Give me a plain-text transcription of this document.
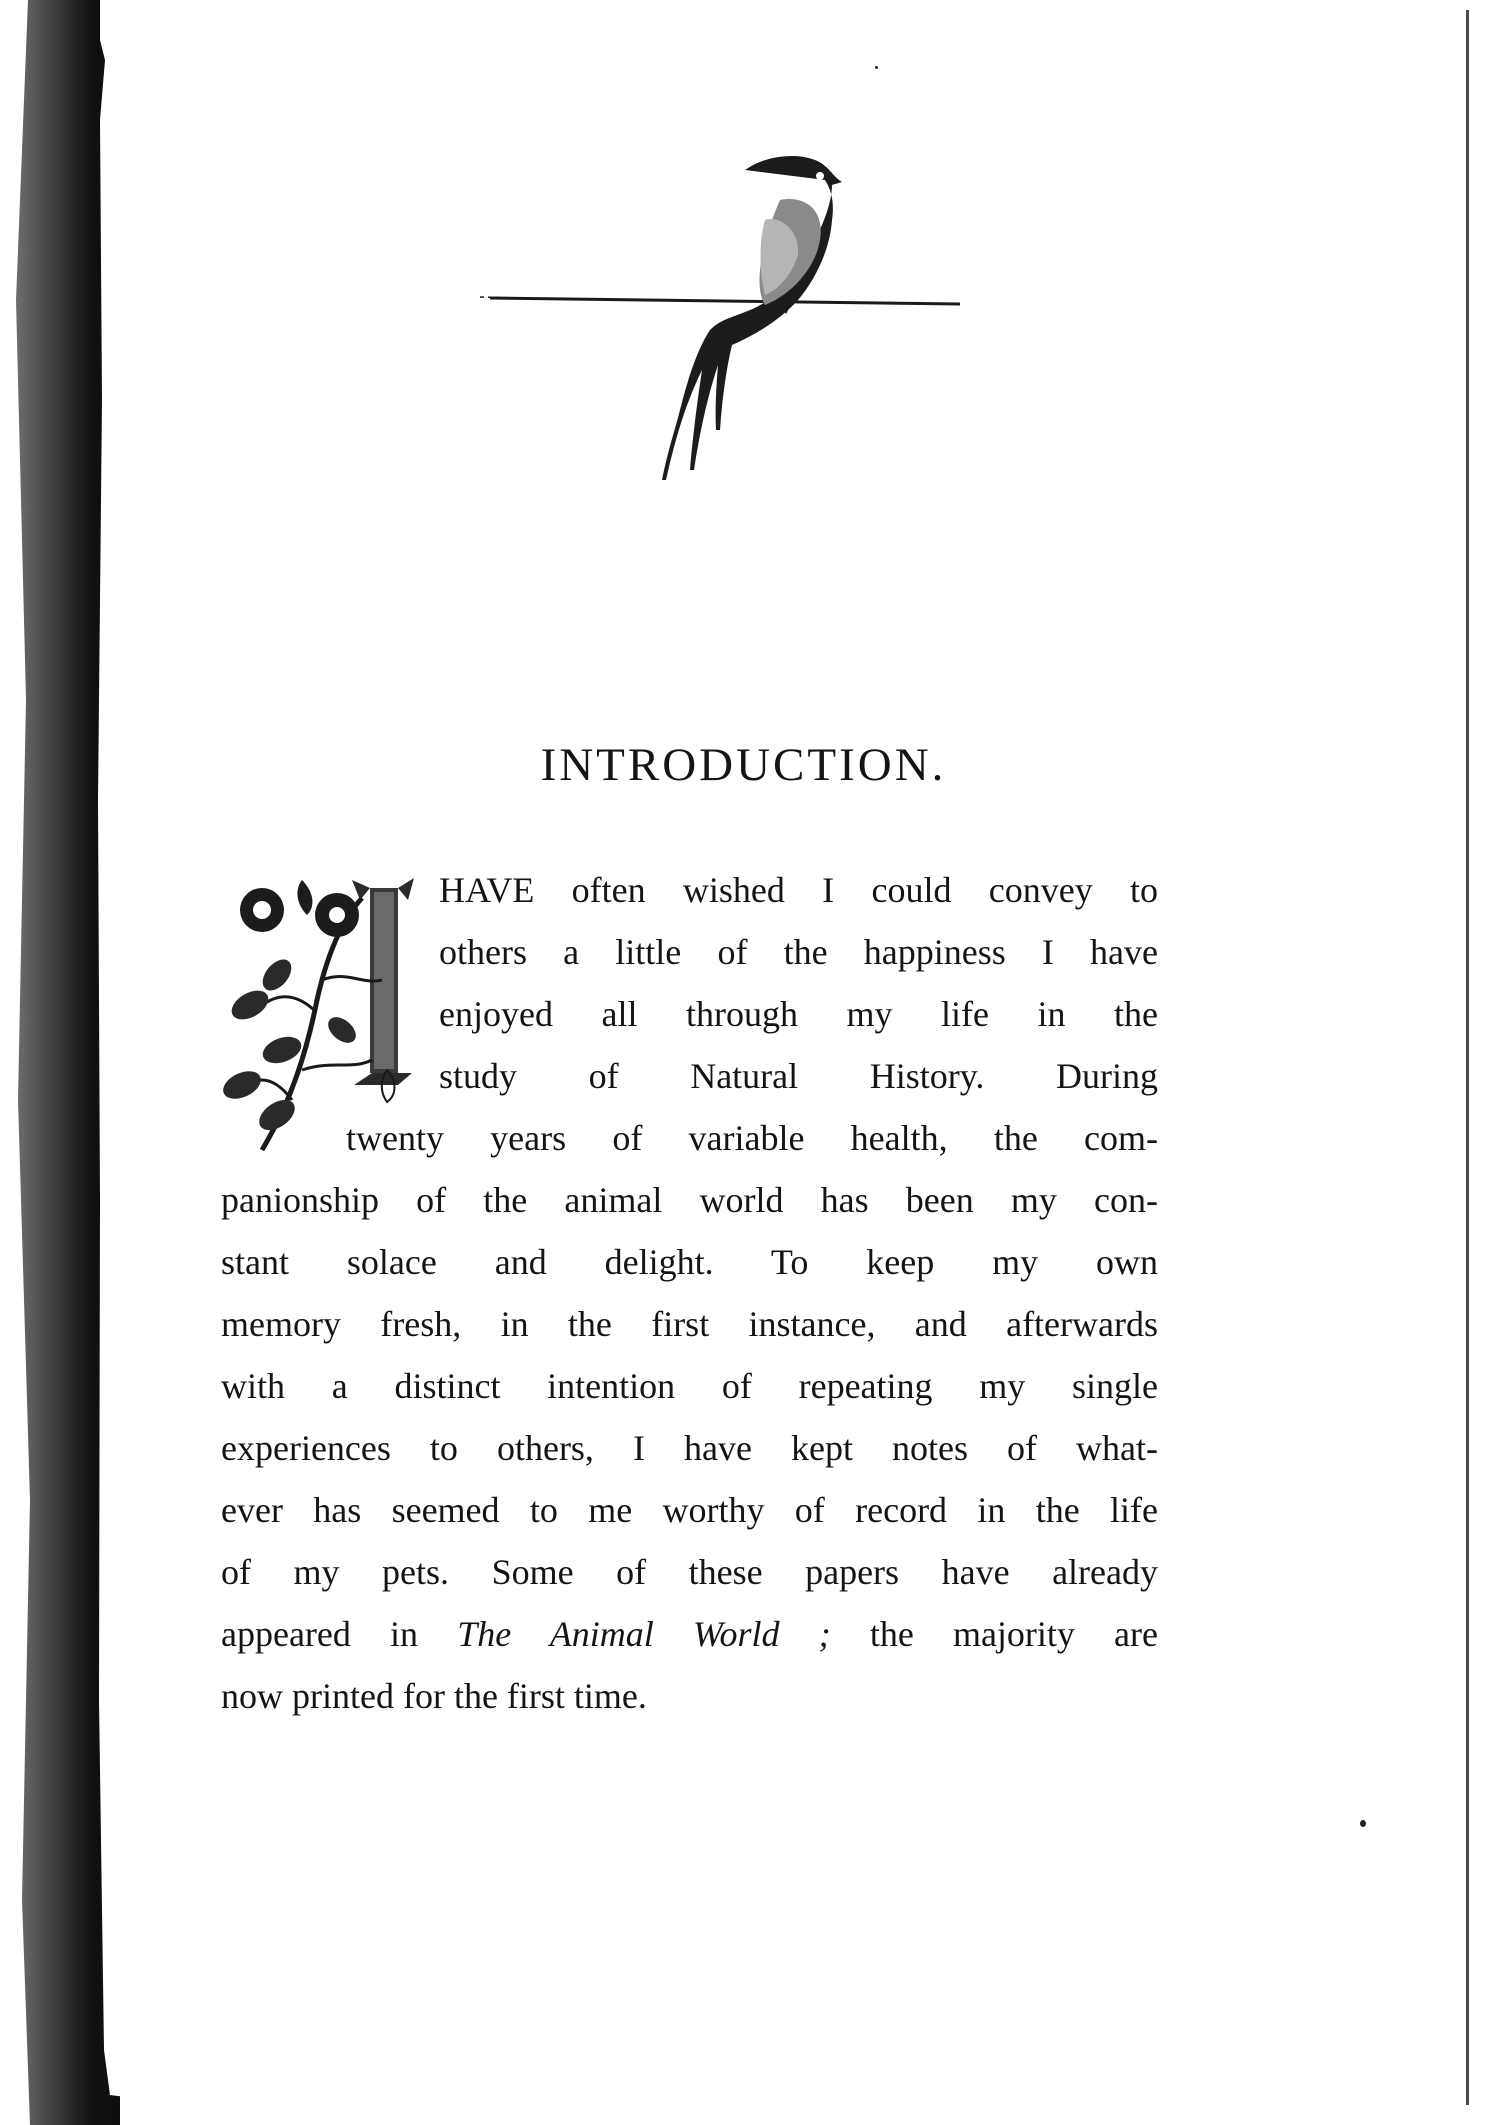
INTRODUCTION.
HAVE often wished I could convey to
others a little of the happiness I have
enjoyed all through my life in the
study of Natural History. During
twenty years of variable health, the com-
panionship of the animal world has been my con-
stant solace and delight. To keep my own
memory fresh, in the first instance, and afterwards
with a distinct intention of repeating my single
experiences to others, I have kept notes of what-
ever has seemed to me worthy of record in the life
of my pets. Some of these papers have already
appeared in The Animal World ; the majority are
now printed for the first time.
